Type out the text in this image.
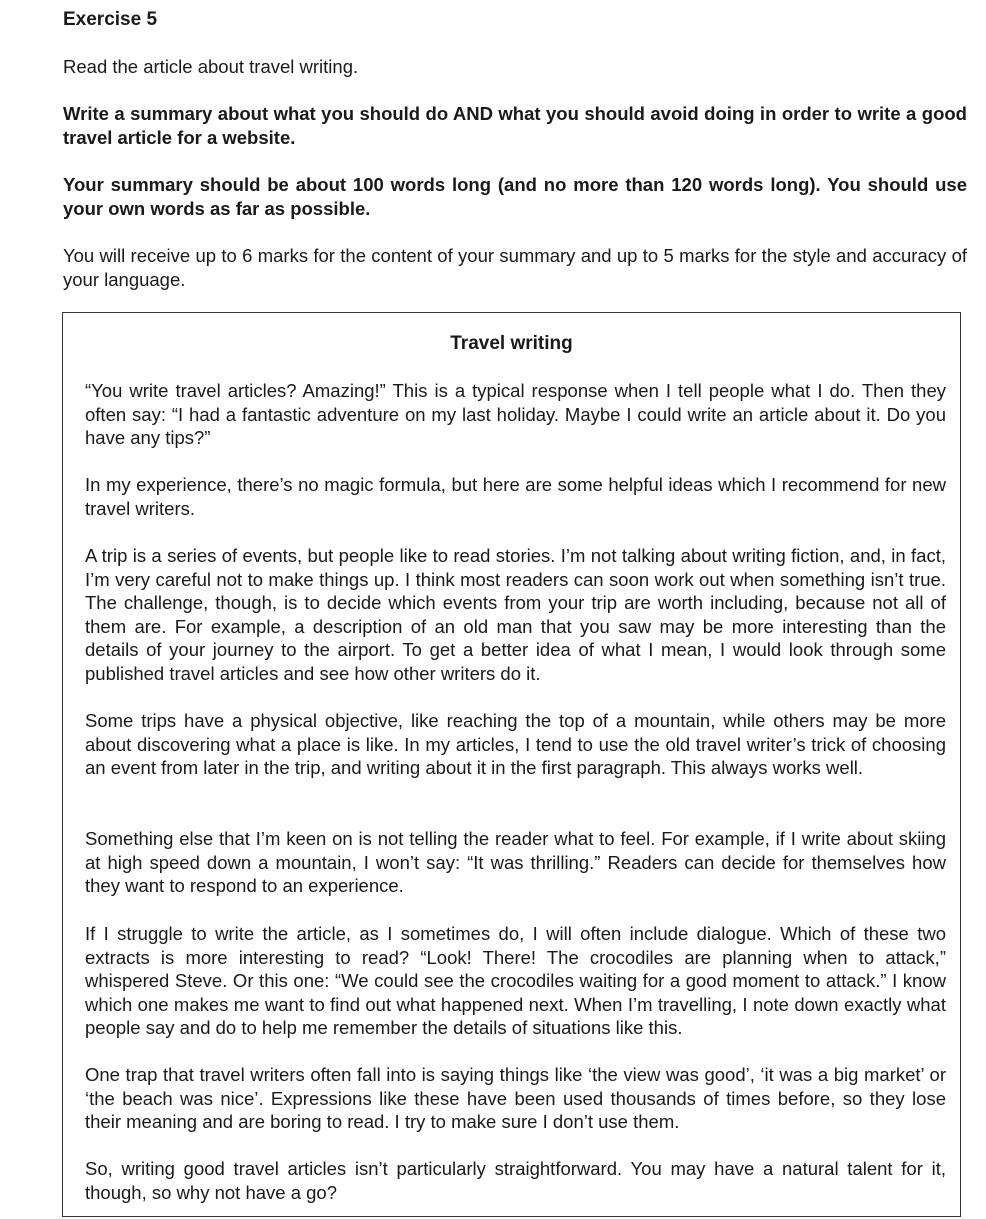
Exercise 5

Read the article about travel writing.

Write a summary about what you should do AND what you should avoid doing in order to write a good travel article for a website.

Your summary should be about 100 words long (and no more than 120 words long). You should use your own words as far as possible.

You will receive up to 6 marks for the content of your summary and up to 5 marks for the style and accuracy of your language.

Travel writing

“You write travel articles? Amazing!” This is a typical response when I tell people what I do. Then they often say: “I had a fantastic adventure on my last holiday. Maybe I could write an article about it. Do you have any tips?”

In my experience, there’s no magic formula, but here are some helpful ideas which I recommend for new travel writers.

A trip is a series of events, but people like to read stories. I’m not talking about writing fiction, and, in fact, I’m very careful not to make things up. I think most readers can soon work out when something isn’t true. The challenge, though, is to decide which events from your trip are worth including, because not all of them are. For example, a description of an old man that you saw may be more interesting than the details of your journey to the airport. To get a better idea of what I mean, I would look through some published travel articles and see how other writers do it.

Some trips have a physical objective, like reaching the top of a mountain, while others may be more about discovering what a place is like. In my articles, I tend to use the old travel writer’s trick of choosing an event from later in the trip, and writing about it in the first paragraph. This always works well.

Something else that I’m keen on is not telling the reader what to feel. For example, if I write about skiing at high speed down a mountain, I won’t say: “It was thrilling.” Readers can decide for themselves how they want to respond to an experience.

If I struggle to write the article, as I sometimes do, I will often include dialogue. Which of these two extracts is more interesting to read? “Look! There! The crocodiles are planning when to attack,” whispered Steve. Or this one: “We could see the crocodiles waiting for a good moment to attack.” I know which one makes me want to find out what happened next. When I’m travelling, I note down exactly what people say and do to help me remember the details of situations like this.

One trap that travel writers often fall into is saying things like ‘the view was good’, ‘it was a big market’ or ‘the beach was nice’. Expressions like these have been used thousands of times before, so they lose their meaning and are boring to read. I try to make sure I don’t use them.

So, writing good travel articles isn’t particularly straightforward. You may have a natural talent for it, though, so why not have a go?
